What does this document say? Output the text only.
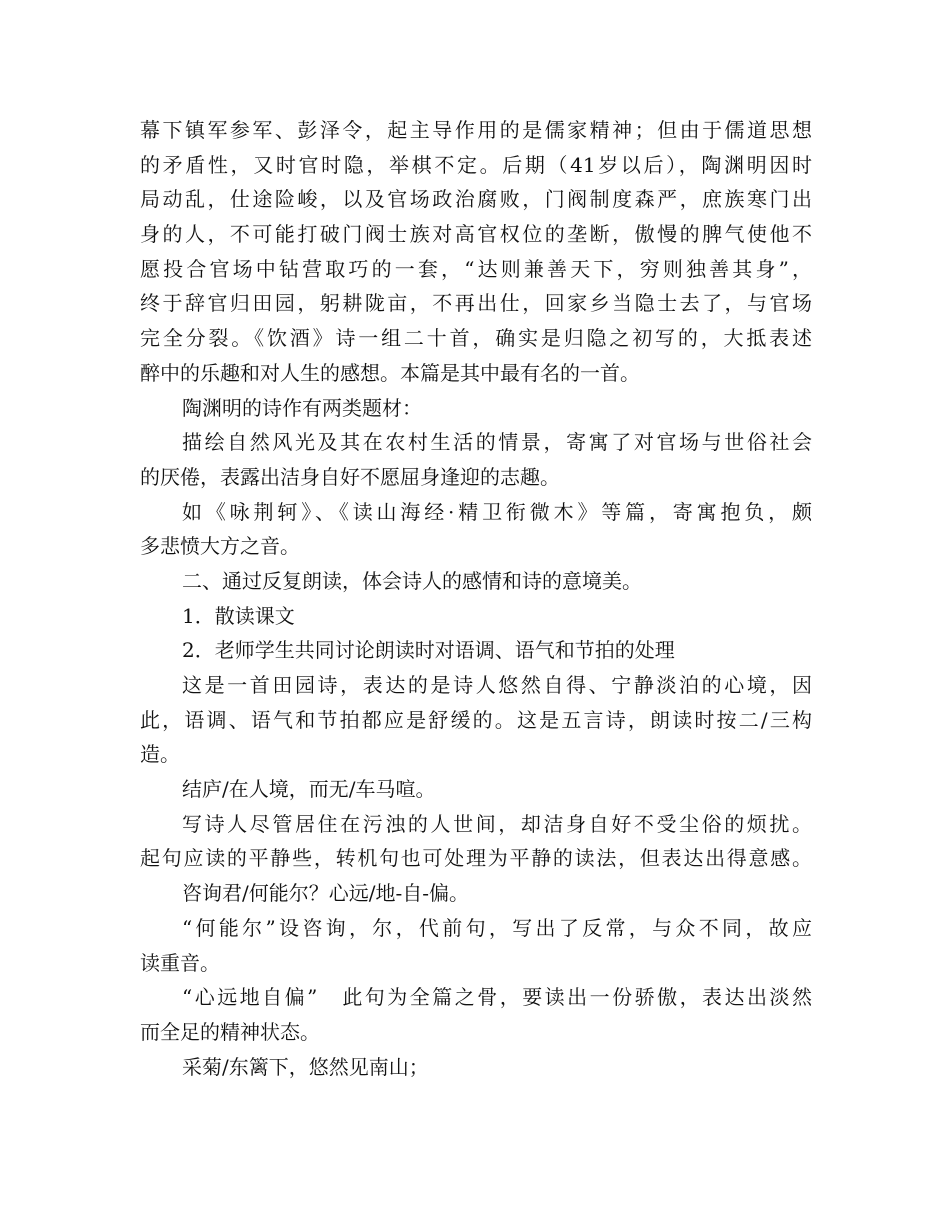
幕下镇军参军、彭泽令，起主导作用的是儒家精神；但由于儒道思想
的矛盾性，又时官时隐，举棋不定。后期（41岁以后），陶渊明因时
局动乱，仕途险峻，以及官场政治腐败，门阀制度森严，庶族寒门出
身的人，不可能打破门阀士族对高官权位的垄断，傲慢的脾气使他不
愿投合官场中钻营取巧的一套，“达则兼善天下，穷则独善其身”，
终于辞官归田园，躬耕陇亩，不再出仕，回家乡当隐士去了，与官场
完全分裂。《饮酒》诗一组二十首，确实是归隐之初写的，大抵表述
醉中的乐趣和对人生的感想。本篇是其中最有名的一首。
陶渊明的诗作有两类题材：
描绘自然风光及其在农村生活的情景，寄寓了对官场与世俗社会
的厌倦，表露出洁身自好不愿屈身逢迎的志趣。
如《咏荆轲》、《读山海经·精卫衔微木》等篇，寄寓抱负，颇
多悲愤大方之音。
二、通过反复朗读，体会诗人的感情和诗的意境美。
1．散读课文
2．老师学生共同讨论朗读时对语调、语气和节拍的处理
这是一首田园诗，表达的是诗人悠然自得、宁静淡泊的心境，因
此，语调、语气和节拍都应是舒缓的。这是五言诗，朗读时按二/三构
造。
结庐/在人境，而无/车马喧。
写诗人尽管居住在污浊的人世间，却洁身自好不受尘俗的烦扰。
起句应读的平静些，转机句也可处理为平静的读法，但表达出得意感。
咨询君/何能尔？心远/地-自-偏。
“何能尔”设咨询，尔，代前句，写出了反常，与众不同，故应
读重音。
“心远地自偏”　此句为全篇之骨，要读出一份骄傲，表达出淡然
而全足的精神状态。
采菊/东篱下，悠然见南山；
